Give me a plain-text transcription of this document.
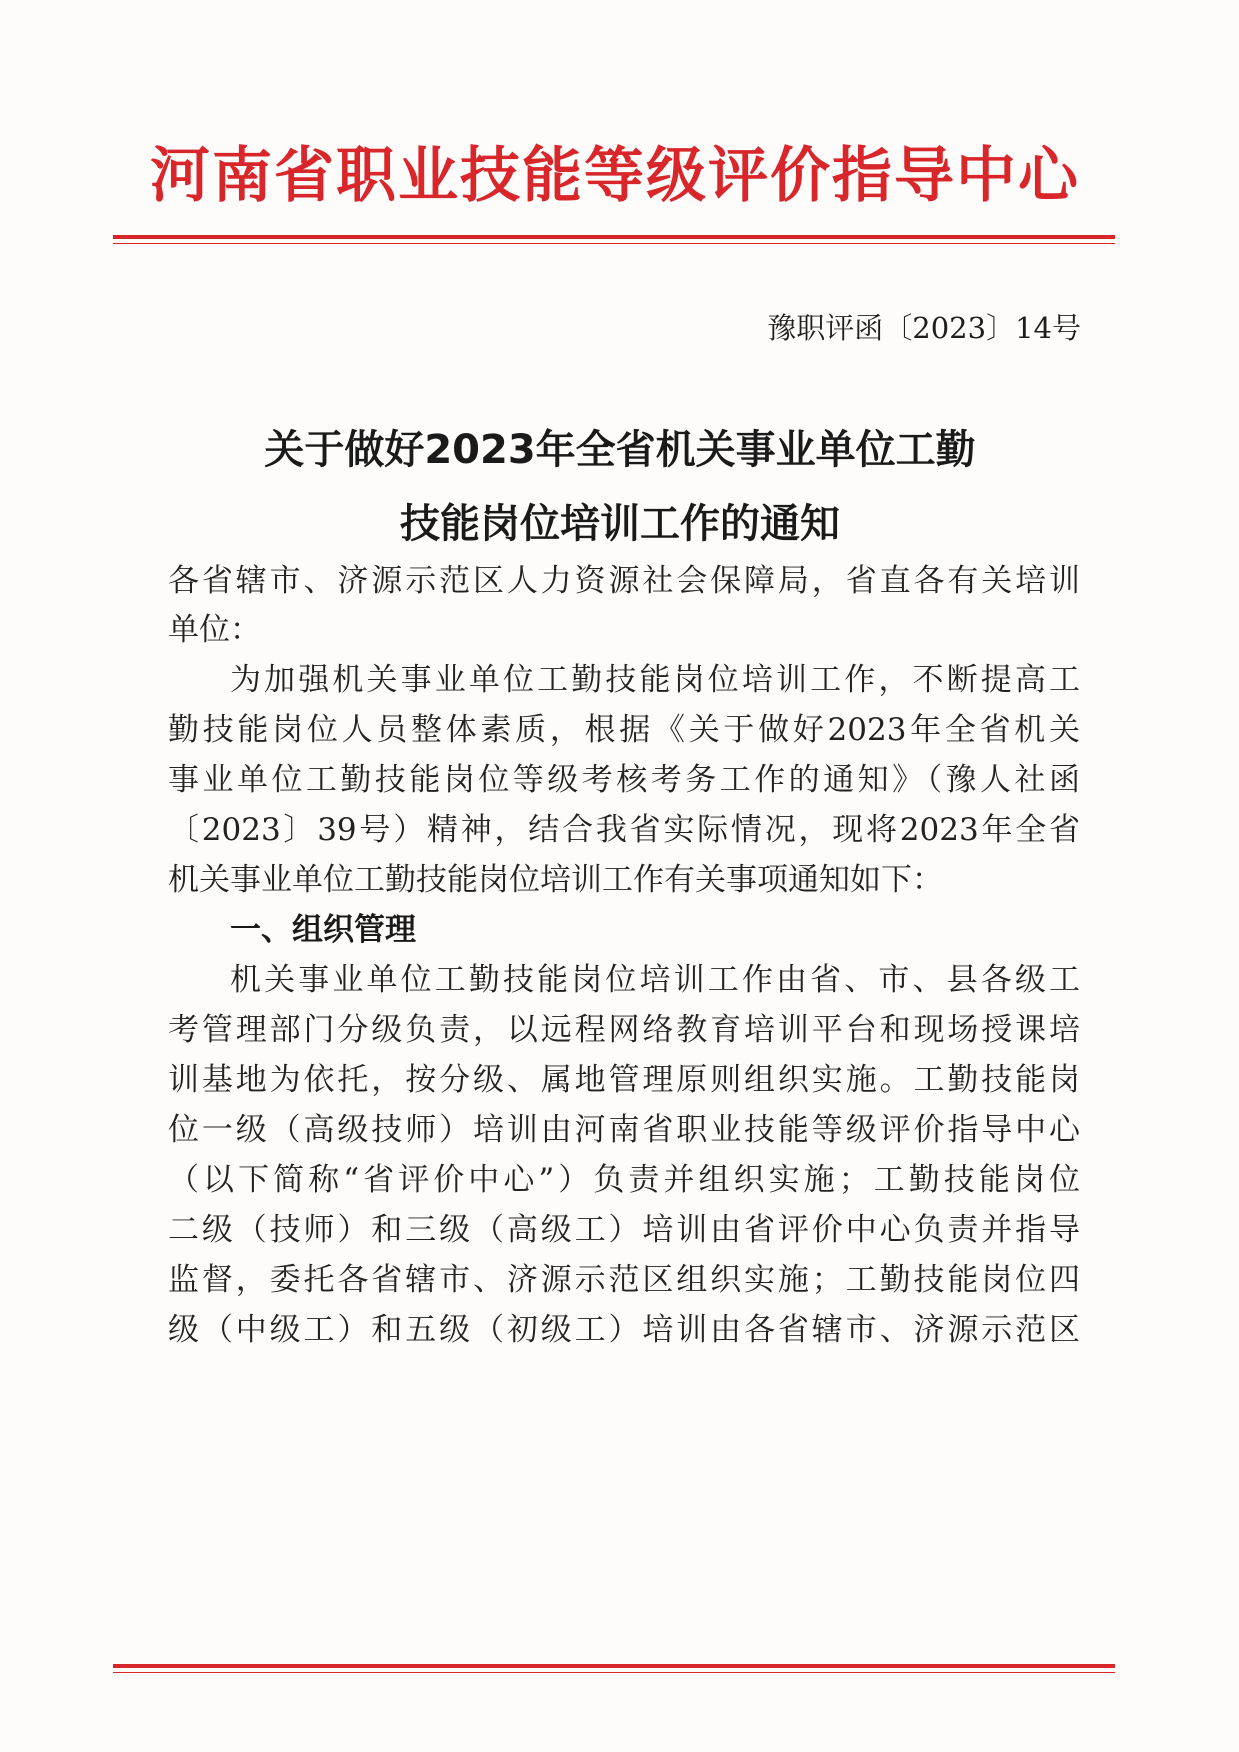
河南省职业技能等级评价指导中心
豫职评函〔2023〕14号
关于做好2023年全省机关事业单位工勤
技能岗位培训工作的通知
各省辖市、济源示范区人力资源社会保障局，省直各有关培训
单位：
为加强机关事业单位工勤技能岗位培训工作，不断提高工
勤技能岗位人员整体素质，根据《关于做好2023年全省机关
事业单位工勤技能岗位等级考核考务工作的通知》（豫人社函
〔2023〕39号）精神，结合我省实际情况，现将2023年全省
机关事业单位工勤技能岗位培训工作有关事项通知如下：
一、组织管理
机关事业单位工勤技能岗位培训工作由省、市、县各级工
考管理部门分级负责，以远程网络教育培训平台和现场授课培
训基地为依托，按分级、属地管理原则组织实施。工勤技能岗
位一级（高级技师）培训由河南省职业技能等级评价指导中心
（以下简称“省评价中心”）负责并组织实施；工勤技能岗位
二级（技师）和三级（高级工）培训由省评价中心负责并指导
监督，委托各省辖市、济源示范区组织实施；工勤技能岗位四
级（中级工）和五级（初级工）培训由各省辖市、济源示范区
